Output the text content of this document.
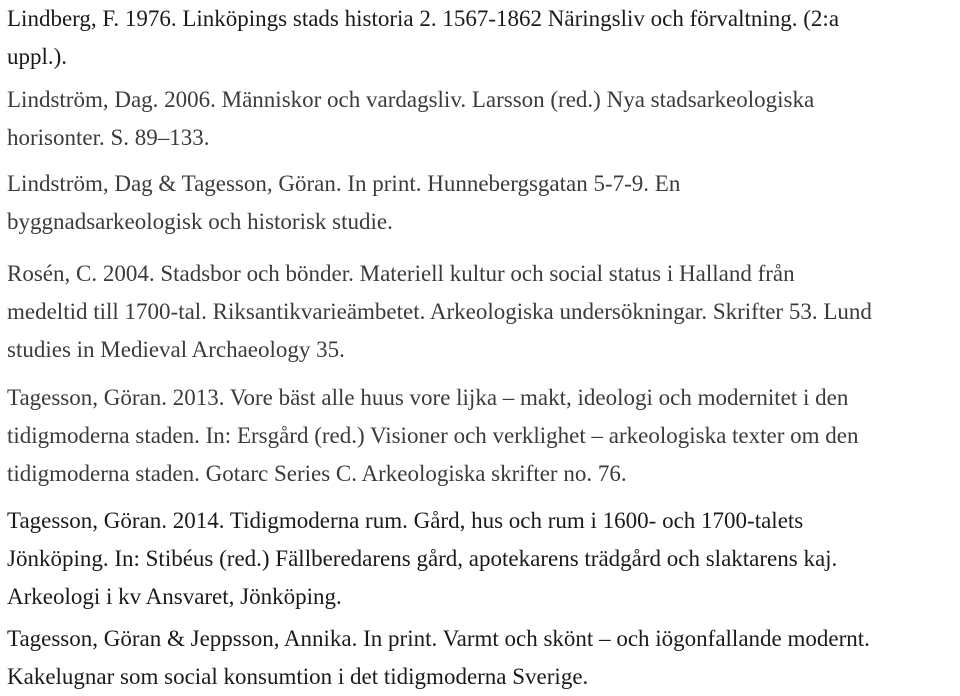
Lindberg, F. 1976. Linköpings stads historia 2. 1567-1862 Näringsliv och förvaltning. (2:a
uppl.).
Lindström, Dag. 2006. Människor och vardagsliv. Larsson (red.) Nya stadsarkeologiska
horisonter. S. 89–133.
Lindström, Dag & Tagesson, Göran. In print. Hunnebergsgatan 5-7-9. En
byggnadsarkeologisk och historisk studie.
Rosén, C. 2004. Stadsbor och bönder. Materiell kultur och social status i Halland från
medeltid till 1700-tal. Riksantikvarieämbetet. Arkeologiska undersökningar. Skrifter 53. Lund
studies in Medieval Archaeology 35.
Tagesson, Göran. 2013. Vore bäst alle huus vore lijka – makt, ideologi och modernitet i den
tidigmoderna staden. In: Ersgård (red.) Visioner och verklighet – arkeologiska texter om den
tidigmoderna staden. Gotarc Series C. Arkeologiska skrifter no. 76.
Tagesson, Göran. 2014. Tidigmoderna rum. Gård, hus och rum i 1600- och 1700-talets
Jönköping. In: Stibéus (red.) Fällberedarens gård, apotekarens trädgård och slaktarens kaj.
Arkeologi i kv Ansvaret, Jönköping.
Tagesson, Göran & Jeppsson, Annika. In print. Varmt och skönt – och iögonfallande modernt.
Kakelugnar som social konsumtion i det tidigmoderna Sverige.
